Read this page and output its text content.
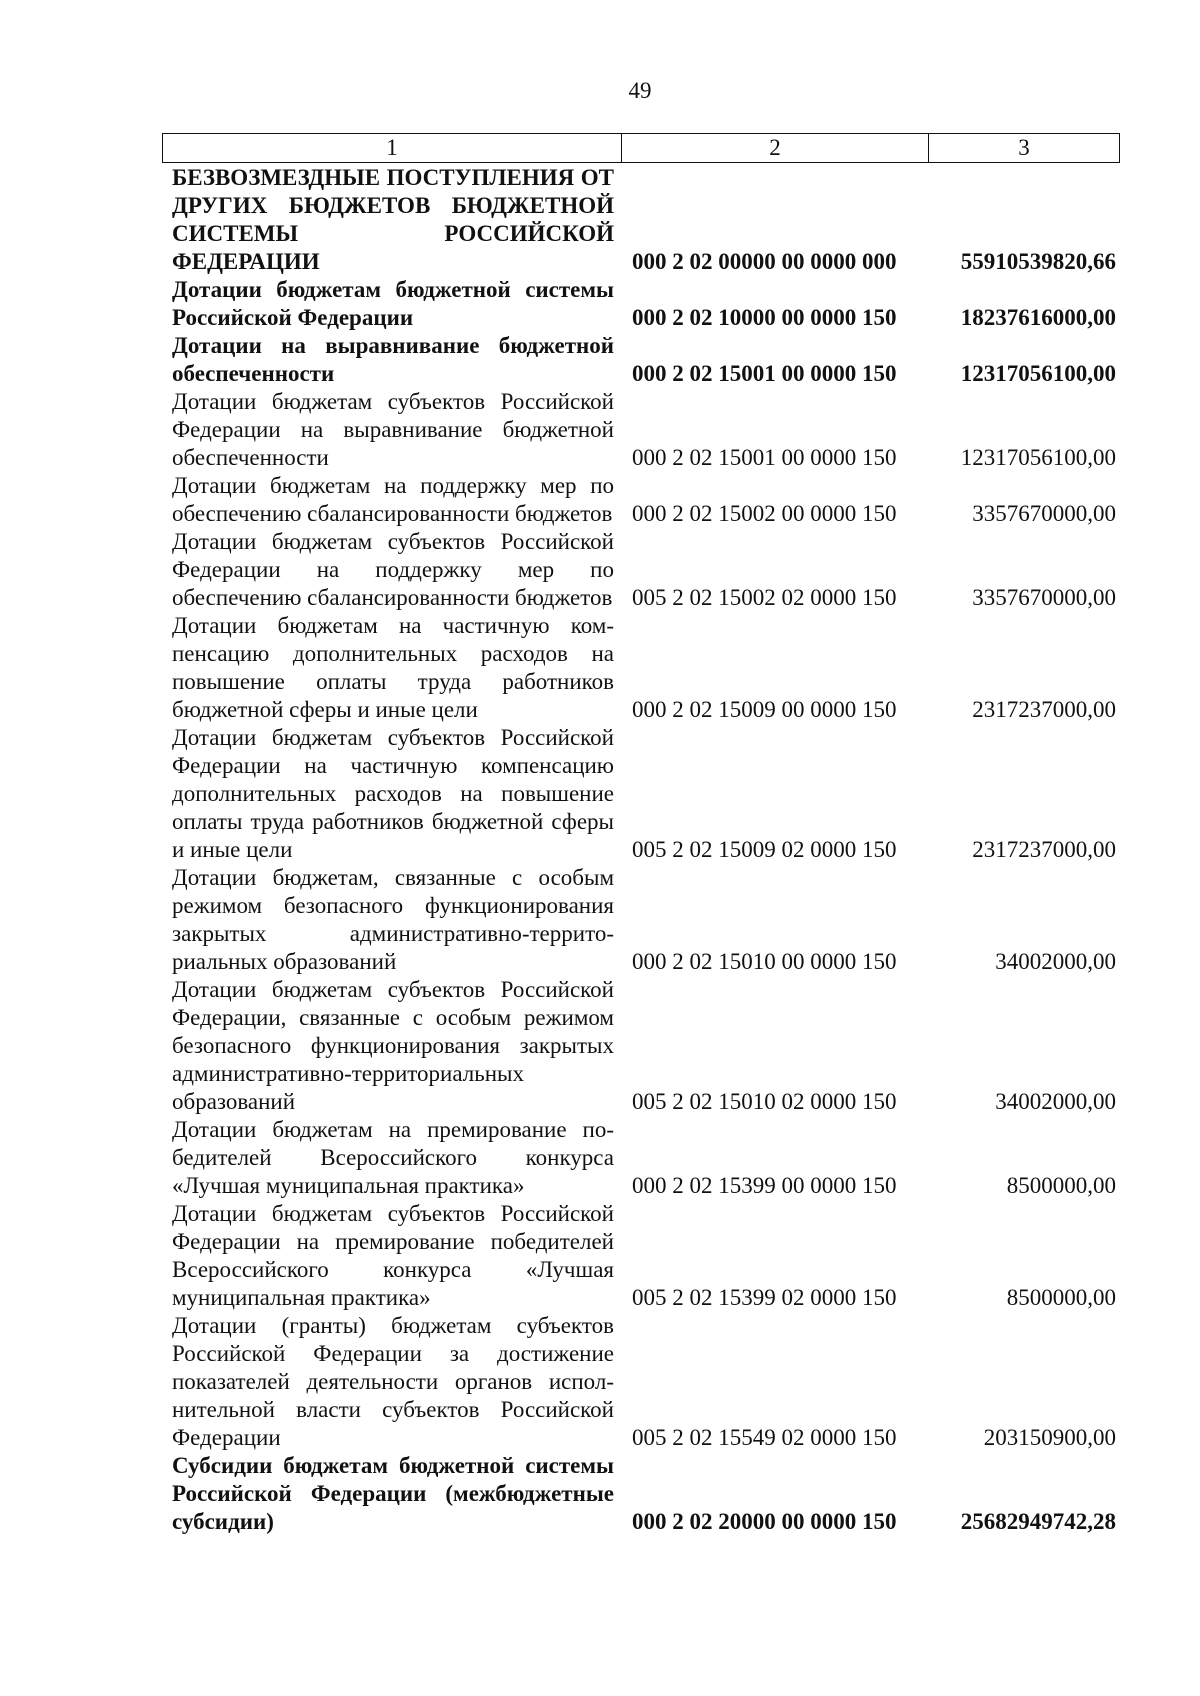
49
1	2	3
БЕЗВОЗМЕЗДНЫЕ ПОСТУПЛЕНИЯ ОТ ДРУГИХ БЮДЖЕТОВ БЮДЖЕТНОЙ СИСТЕМЫ РОССИЙСКОЙ ФЕДЕРАЦИИ	000 2 02 00000 00 0000 000	55910539820,66
Дотации бюджетам бюджетной системы Российской Федерации	000 2 02 10000 00 0000 150	18237616000,00
Дотации на выравнивание бюджетной обеспеченности	000 2 02 15001 00 0000 150	12317056100,00
Дотации бюджетам субъектов Российской Федерации на выравнивание бюджетной обеспеченности	000 2 02 15001 00 0000 150	12317056100,00
Дотации бюджетам на поддержку мер по обеспечению сбалансированности бюджетов 000 2 02 15002 00 0000 150	3357670000,00
Дотации бюджетам субъектов Российской Федерации на поддержку мер по обеспечению сбалансированности бюджетов 005 2 02 15002 02 0000 150	3357670000,00
Дотации бюджетам на частичную компенсацию дополнительных расходов на повышение оплаты труда работников бюджетной сферы и иные цели	000 2 02 15009 00 0000 150	2317237000,00
Дотации бюджетам субъектов Российской Федерации на частичную компенсацию дополнительных расходов на повышение оплаты труда работников бюджетной сферы и иные цели	005 2 02 15009 02 0000 150	2317237000,00
Дотации бюджетам, связанные с особым режимом безопасного функционирования закрытых административно-территориальных образований	000 2 02 15010 00 0000 150	34002000,00
Дотации бюджетам субъектов Российской Федерации, связанные с особым режимом безопасного функционирования закрытых административно-территориальных образований	005 2 02 15010 02 0000 150	34002000,00
Дотации бюджетам на премирование победителей Всероссийского конкурса «Лучшая муниципальная практика»	000 2 02 15399 00 0000 150	8500000,00
Дотации бюджетам субъектов Российской Федерации на премирование победителей Всероссийского конкурса «Лучшая муниципальная практика»	005 2 02 15399 02 0000 150	8500000,00
Дотации (гранты) бюджетам субъектов Российской Федерации за достижение показателей деятельности органов исполнительной власти субъектов Российской Федерации	005 2 02 15549 02 0000 150	203150900,00
Субсидии бюджетам бюджетной системы Российской Федерации (межбюджетные субсидии)	000 2 02 20000 00 0000 150	25682949742,28
